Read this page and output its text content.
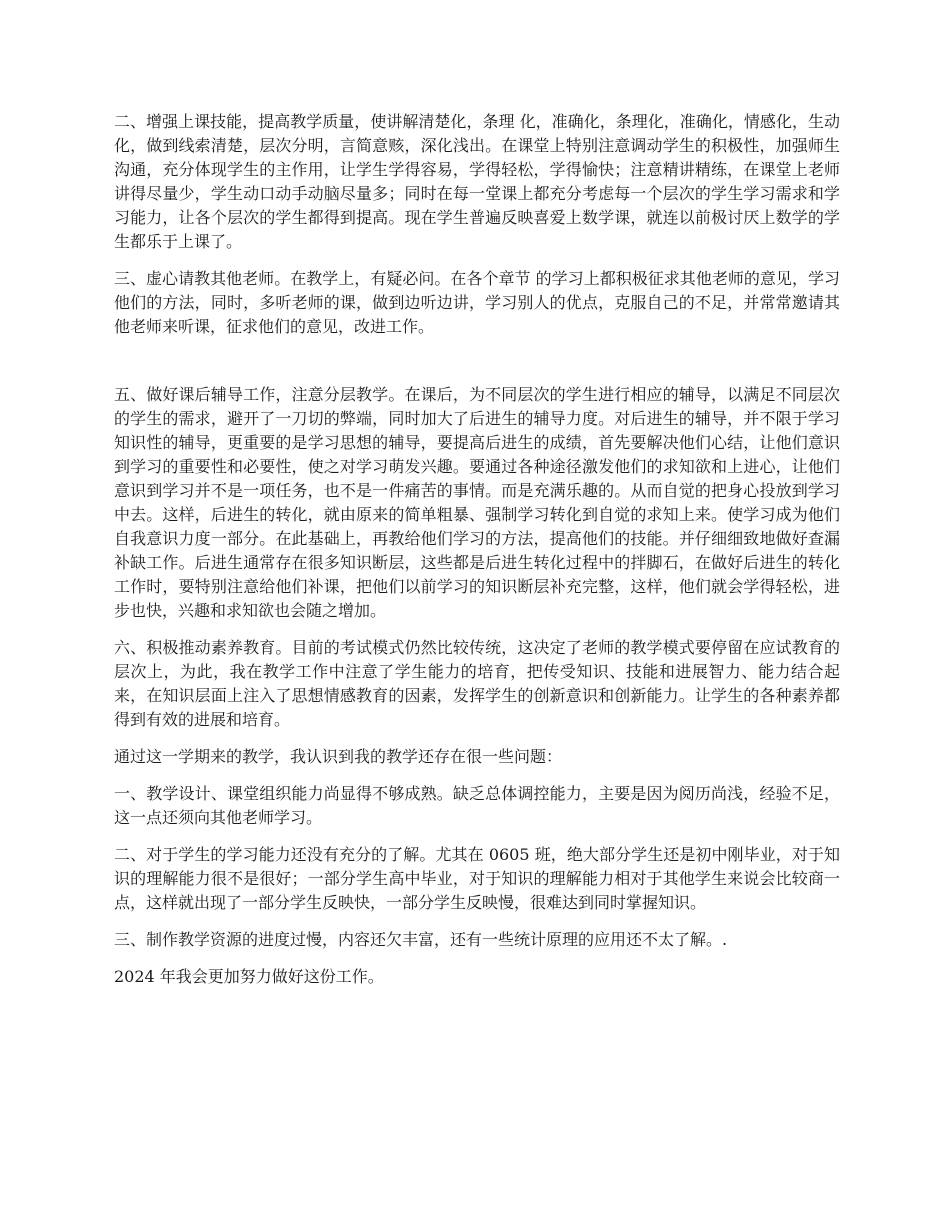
二、增强上课技能，提高教学质量，使讲解清楚化，条理 化，准确化，条理化，准确化，情感化，生动化，做到线索清楚，层次分明，言简意赅，深化浅出。在课堂上特别注意调动学生的积极性，加强师生沟通，充分体现学生的主作用，让学生学得容易，学得轻松，学得愉快；注意精讲精练，在课堂上老师讲得尽量少，学生动口动手动脑尽量多；同时在每一堂课上都充分考虑每一个层次的学生学习需求和学习能力，让各个层次的学生都得到提高。现在学生普遍反映喜爱上数学课，就连以前极讨厌上数学的学生都乐于上课了。

三、虚心请教其他老师。在教学上，有疑必问。在各个章节 的学习上都积极征求其他老师的意见，学习他们的方法，同时，多听老师的课，做到边听边讲，学习别人的优点，克服自己的不足，并常常邀请其他老师来听课，征求他们的意见，改进工作。

五、做好课后辅导工作，注意分层教学。在课后，为不同层次的学生进行相应的辅导，以满足不同层次的学生的需求，避开了一刀切的弊端，同时加大了后进生的辅导力度。对后进生的辅导，并不限于学习知识性的辅导，更重要的是学习思想的辅导，要提高后进生的成绩，首先要解决他们心结，让他们意识到学习的重要性和必要性，使之对学习萌发兴趣。要通过各种途径激发他们的求知欲和上进心，让他们意识到学习并不是一项任务，也不是一件痛苦的事情。而是充满乐趣的。从而自觉的把身心投放到学习中去。这样，后进生的转化，就由原来的简单粗暴、强制学习转化到自觉的求知上来。使学习成为他们自我意识力度一部分。在此基础上，再教给他们学习的方法，提高他们的技能。并仔细细致地做好查漏补缺工作。后进生通常存在很多知识断层，这些都是后进生转化过程中的拌脚石，在做好后进生的转化工作时，要特别注意给他们补课，把他们以前学习的知识断层补充完整，这样，他们就会学得轻松，进步也快，兴趣和求知欲也会随之增加。

六、积极推动素养教育。目前的考试模式仍然比较传统，这决定了老师的教学模式要停留在应试教育的层次上，为此，我在教学工作中注意了学生能力的培育，把传受知识、技能和进展智力、能力结合起来，在知识层面上注入了思想情感教育的因素，发挥学生的创新意识和创新能力。让学生的各种素养都得到有效的进展和培育。

通过这一学期来的教学，我认识到我的教学还存在很一些问题：

一、教学设计、课堂组织能力尚显得不够成熟。缺乏总体调控能力，主要是因为阅历尚浅，经验不足，这一点还须向其他老师学习。

二、对于学生的学习能力还没有充分的了解。尤其在 0605 班，绝大部分学生还是初中刚毕业，对于知识的理解能力很不是很好；一部分学生高中毕业，对于知识的理解能力相对于其他学生来说会比较商一点，这样就出现了一部分学生反映快，一部分学生反映慢，很难达到同时掌握知识。

三、制作教学资源的进度过慢，内容还欠丰富，还有一些统计原理的应用还不太了解。.

2024 年我会更加努力做好这份工作。
